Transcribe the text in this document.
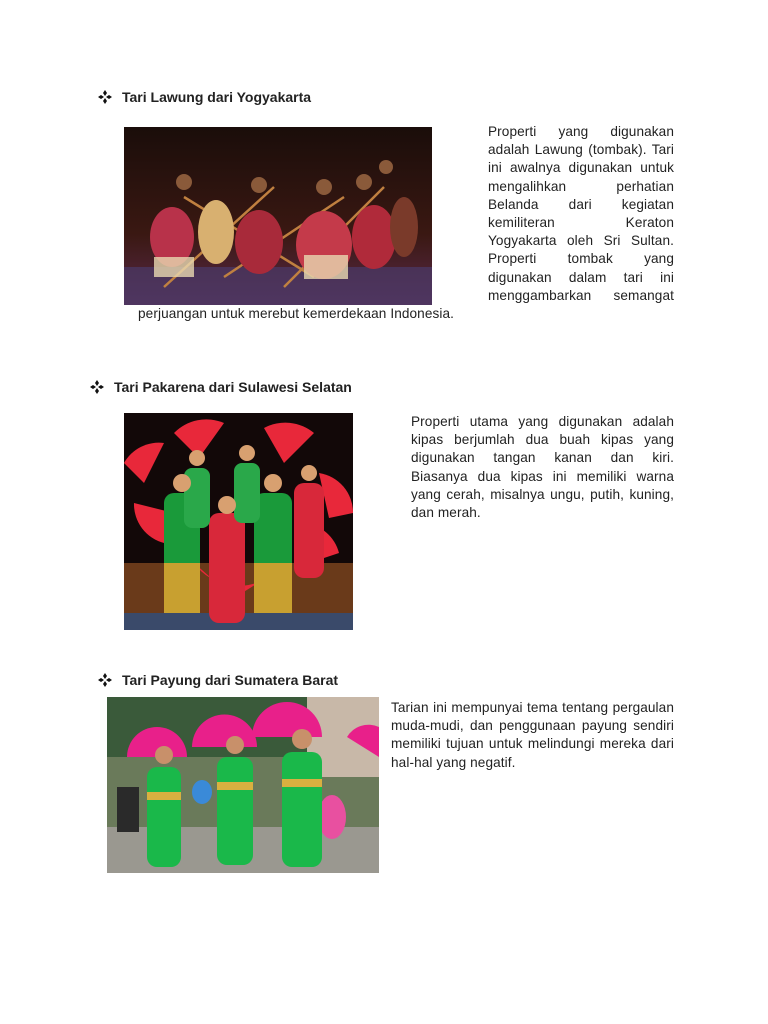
Tari Lawung dari Yogyakarta
Properti yang digunakan adalah Lawung (tombak). Tari ini awalnya digunakan untuk mengalihkan perhatian Belanda dari kegiatan kemiliteran Keraton Yogyakarta oleh Sri Sultan. Properti tombak yang digunakan dalam tari ini menggambarkan semangat perjuangan untuk merebut kemerdekaan Indonesia.
Tari Pakarena dari Sulawesi Selatan
Properti utama yang digunakan adalah kipas berjumlah dua buah kipas yang digunakan tangan kanan dan kiri. Biasanya dua kipas ini memiliki warna yang cerah, misalnya ungu, putih, kuning, dan merah.
Tari Payung dari Sumatera Barat
Tarian ini mempunyai tema tentang pergaulan muda-mudi, dan penggunaan payung sendiri memiliki tujuan untuk melindungi mereka dari hal-hal yang negatif.
